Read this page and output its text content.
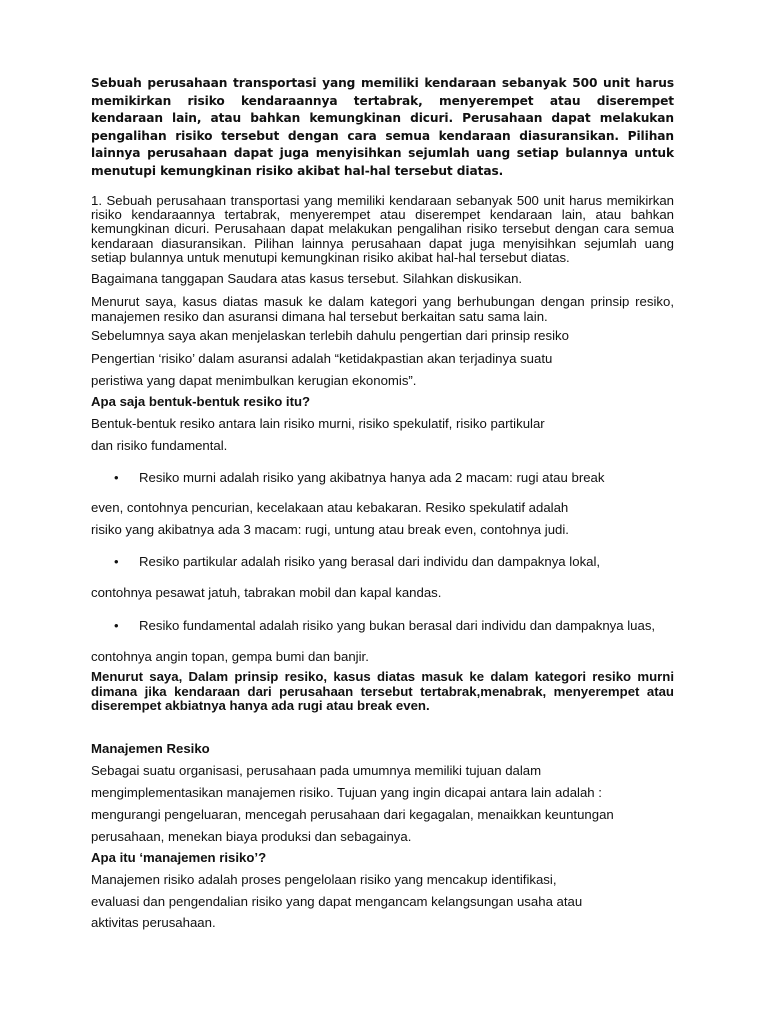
Sebuah perusahaan transportasi yang memiliki kendaraan sebanyak 500 unit harus memikirkan risiko kendaraannya tertabrak, menyerempet atau diserempet kendaraan lain, atau bahkan kemungkinan dicuri. Perusahaan dapat melakukan pengalihan risiko tersebut dengan cara semua kendaraan diasuransikan. Pilihan lainnya perusahaan dapat juga menyisihkan sejumlah uang setiap bulannya untuk menutupi kemungkinan risiko akibat hal-hal tersebut diatas.
1. Sebuah perusahaan transportasi yang memiliki kendaraan sebanyak 500 unit harus memikirkan risiko kendaraannya tertabrak, menyerempet atau diserempet kendaraan lain, atau bahkan kemungkinan dicuri. Perusahaan dapat melakukan pengalihan risiko tersebut dengan cara semua kendaraan diasuransikan. Pilihan lainnya perusahaan dapat juga menyisihkan sejumlah uang setiap bulannya untuk menutupi kemungkinan risiko akibat hal-hal tersebut diatas.
Bagaimana tanggapan Saudara atas kasus tersebut. Silahkan diskusikan.
Menurut saya, kasus diatas masuk ke dalam kategori yang berhubungan dengan prinsip resiko, manajemen resiko dan asuransi dimana hal tersebut berkaitan satu sama lain.
Sebelumnya saya akan menjelaskan terlebih dahulu pengertian dari prinsip resiko
Pengertian ‘risiko’ dalam asuransi adalah “ketidakpastian akan terjadinya suatu
peristiwa yang dapat menimbulkan kerugian ekonomis”.
Apa saja bentuk-bentuk resiko itu?
Bentuk-bentuk resiko antara lain risiko murni, risiko spekulatif, risiko partikular
dan risiko fundamental.
• Resiko murni adalah risiko yang akibatnya hanya ada 2 macam: rugi atau break
even, contohnya pencurian, kecelakaan atau kebakaran. Resiko spekulatif adalah
risiko yang akibatnya ada 3 macam: rugi, untung atau break even, contohnya judi.
• Resiko partikular adalah risiko yang berasal dari individu dan dampaknya lokal,
contohnya pesawat jatuh, tabrakan mobil dan kapal kandas.
• Resiko fundamental adalah risiko yang bukan berasal dari individu dan dampaknya luas,
contohnya angin topan, gempa bumi dan banjir.
Menurut saya, Dalam prinsip resiko, kasus diatas masuk ke dalam kategori resiko murni dimana jika kendaraan dari perusahaan tersebut tertabrak,menabrak, menyerempet atau diserempet akbiatnya hanya ada rugi atau break even.
Manajemen Resiko
Sebagai suatu organisasi, perusahaan pada umumnya memiliki tujuan dalam
mengimplementasikan manajemen risiko. Tujuan yang ingin dicapai antara lain adalah :
mengurangi pengeluaran, mencegah perusahaan dari kegagalan, menaikkan keuntungan
perusahaan, menekan biaya produksi dan sebagainya.
Apa itu ‘manajemen risiko’?
Manajemen risiko adalah proses pengelolaan risiko yang mencakup identifikasi,
evaluasi dan pengendalian risiko yang dapat mengancam kelangsungan usaha atau
aktivitas perusahaan.
